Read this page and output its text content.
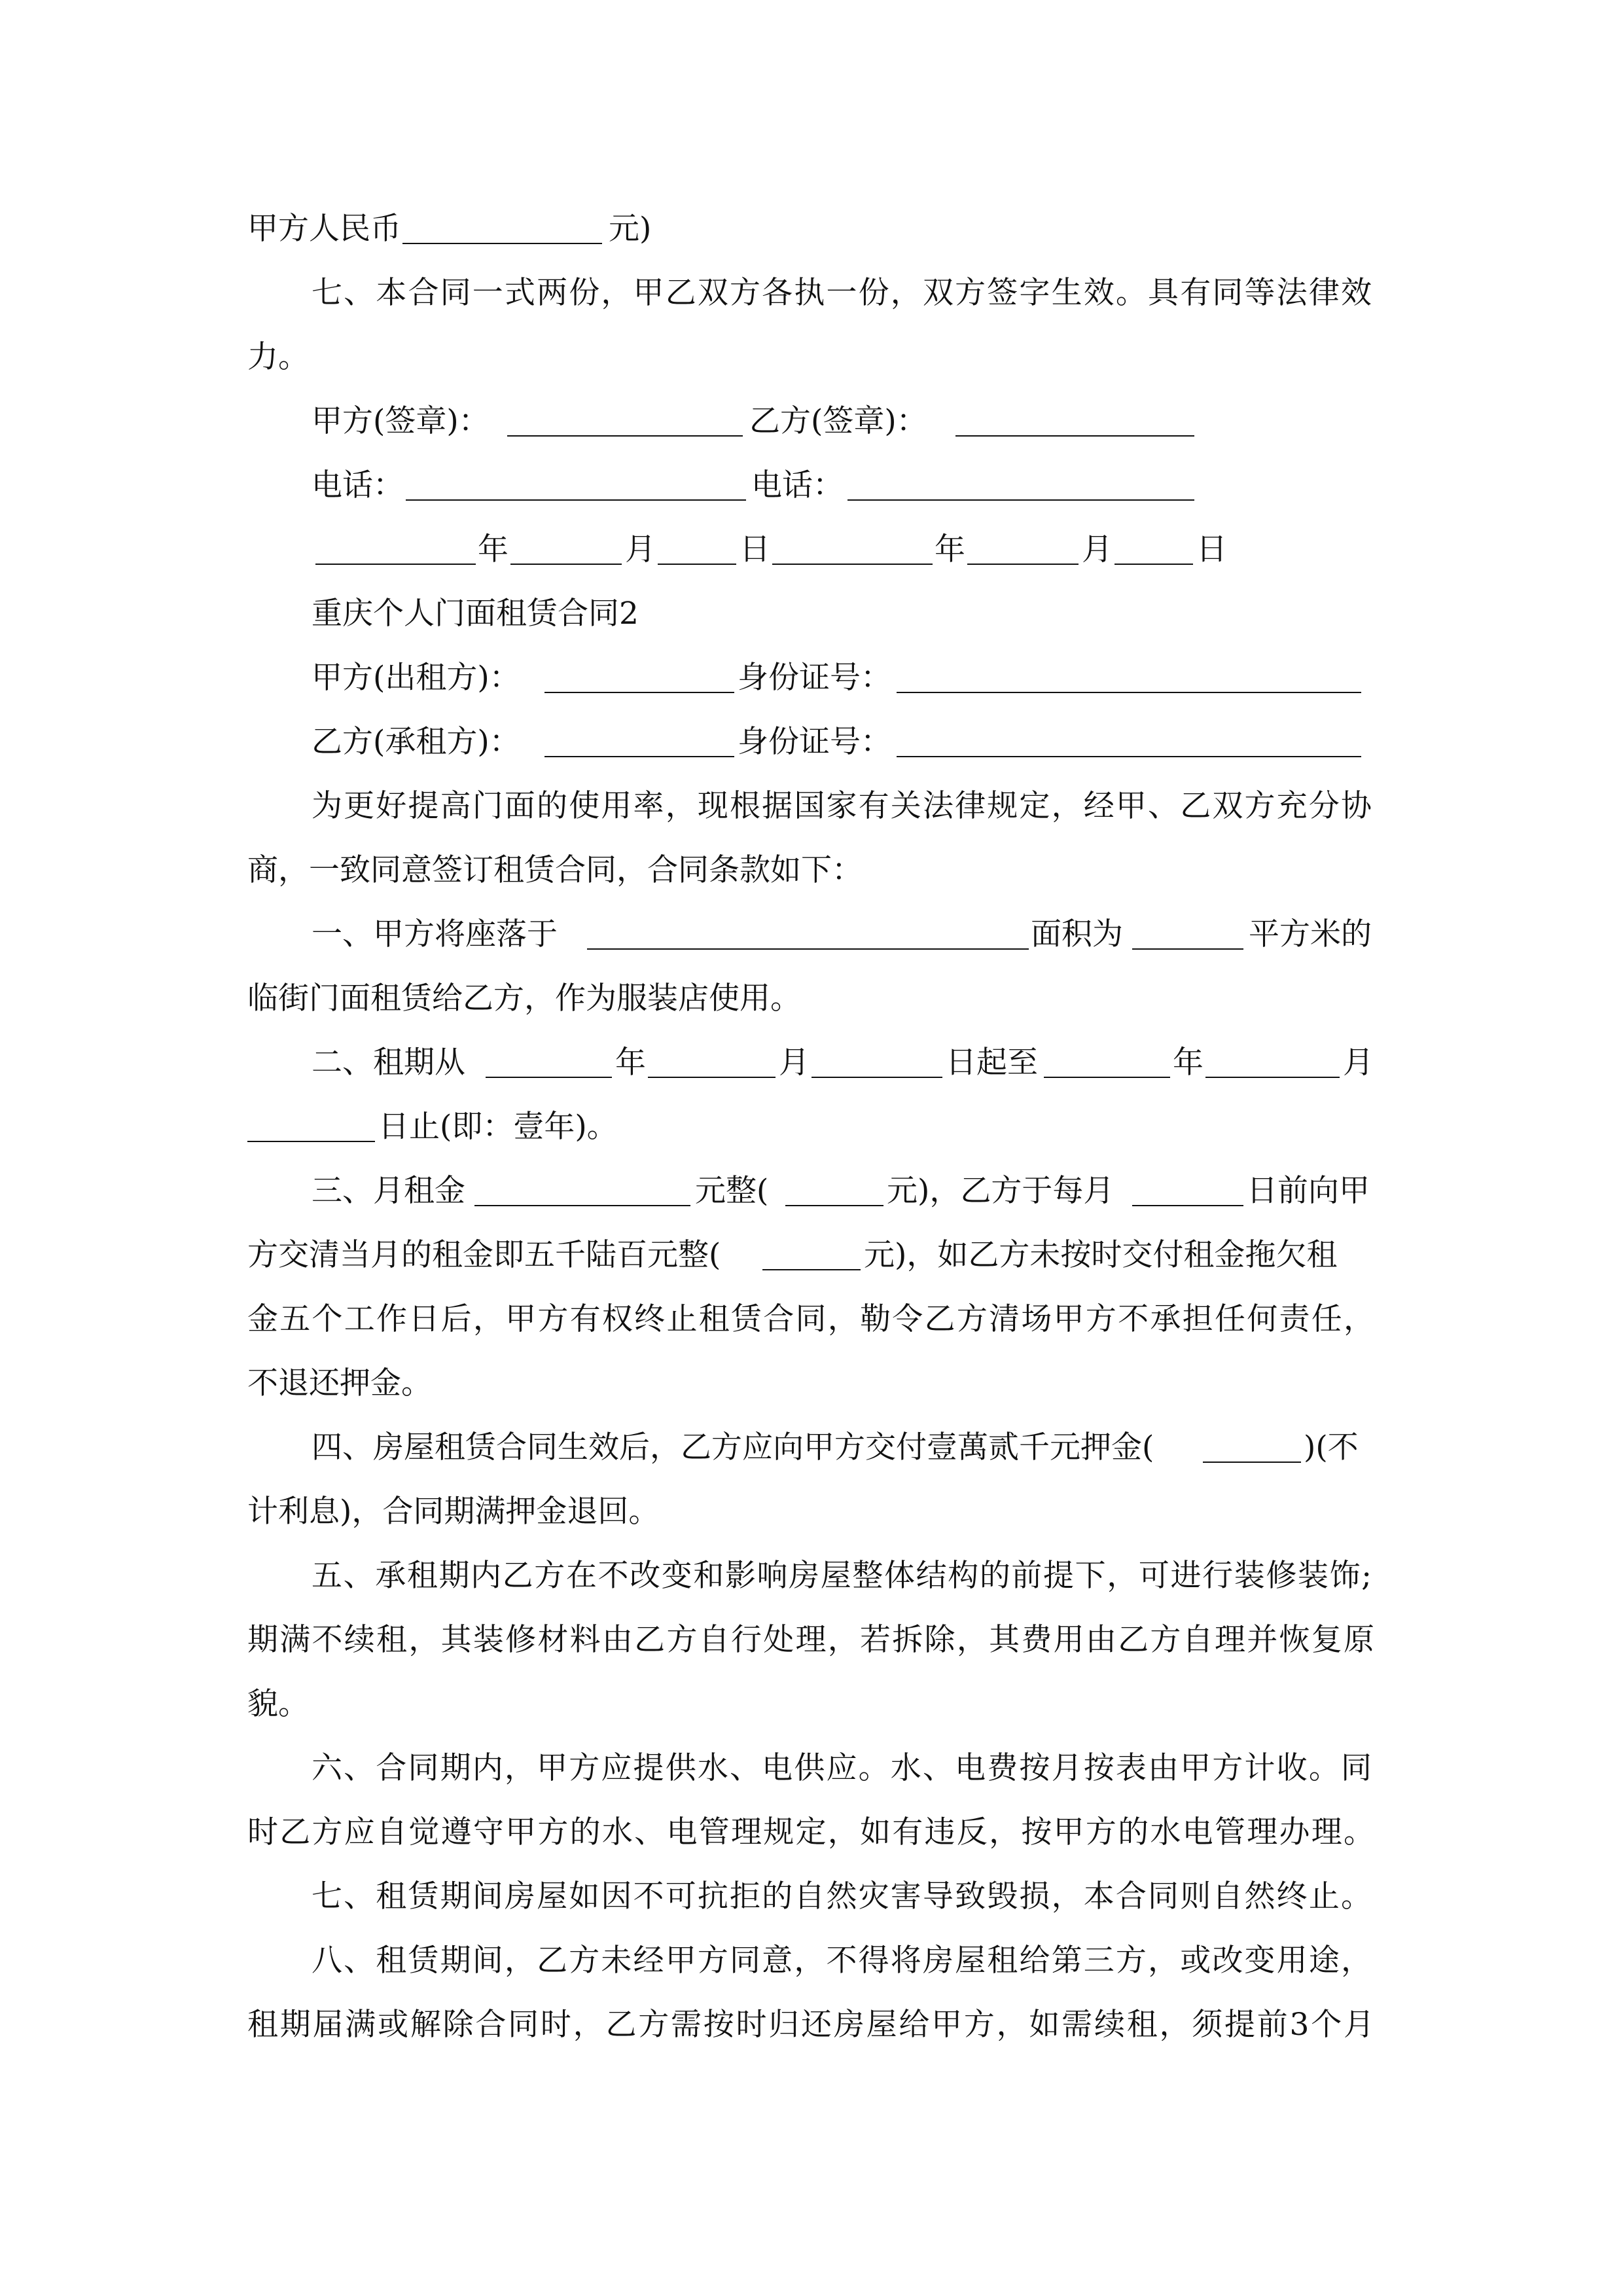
甲方人民币	元)
七、本合同一式两份，甲乙双方各执一份，双方签字生效。具有同等法律效
力。
甲方(签章)：	乙方(签章)：
电话：	电话：
年	月	日	年	月	日
重庆个人门面租赁合同2
甲方(出租方)：	身份证号：
乙方(承租方)：	身份证号：
为更好提高门面的使用率，现根据国家有关法律规定，经甲、乙双方充分协
商，一致同意签订租赁合同，合同条款如下：
一、甲方将座落于	面积为	平方米的
临街门面租赁给乙方，作为服装店使用。
二、租期从	年	月	日起至	年	月
日止(即：壹年)。
三、月租金	元整(	元)，乙方于每月	日前向甲
方交清当月的租金即五千陆百元整(	元)，如乙方未按时交付租金拖欠租
金五个工作日后，甲方有权终止租赁合同，勒令乙方清场甲方不承担任何责任，
不退还押金。
四、房屋租赁合同生效后，乙方应向甲方交付壹萬贰千元押金(	)(不
计利息)，合同期满押金退回。
五、承租期内乙方在不改变和影响房屋整体结构的前提下，可进行装修装饰;
期满不续租，其装修材料由乙方自行处理，若拆除，其费用由乙方自理并恢复原
貌。
六、合同期内，甲方应提供水、电供应。水、电费按月按表由甲方计收。同
时乙方应自觉遵守甲方的水、电管理规定，如有违反，按甲方的水电管理办理。
七、租赁期间房屋如因不可抗拒的自然灾害导致毁损，本合同则自然终止。
八、租赁期间，乙方未经甲方同意，不得将房屋租给第三方，或改变用途，
租期届满或解除合同时，乙方需按时归还房屋给甲方，如需续租，须提前3个月
